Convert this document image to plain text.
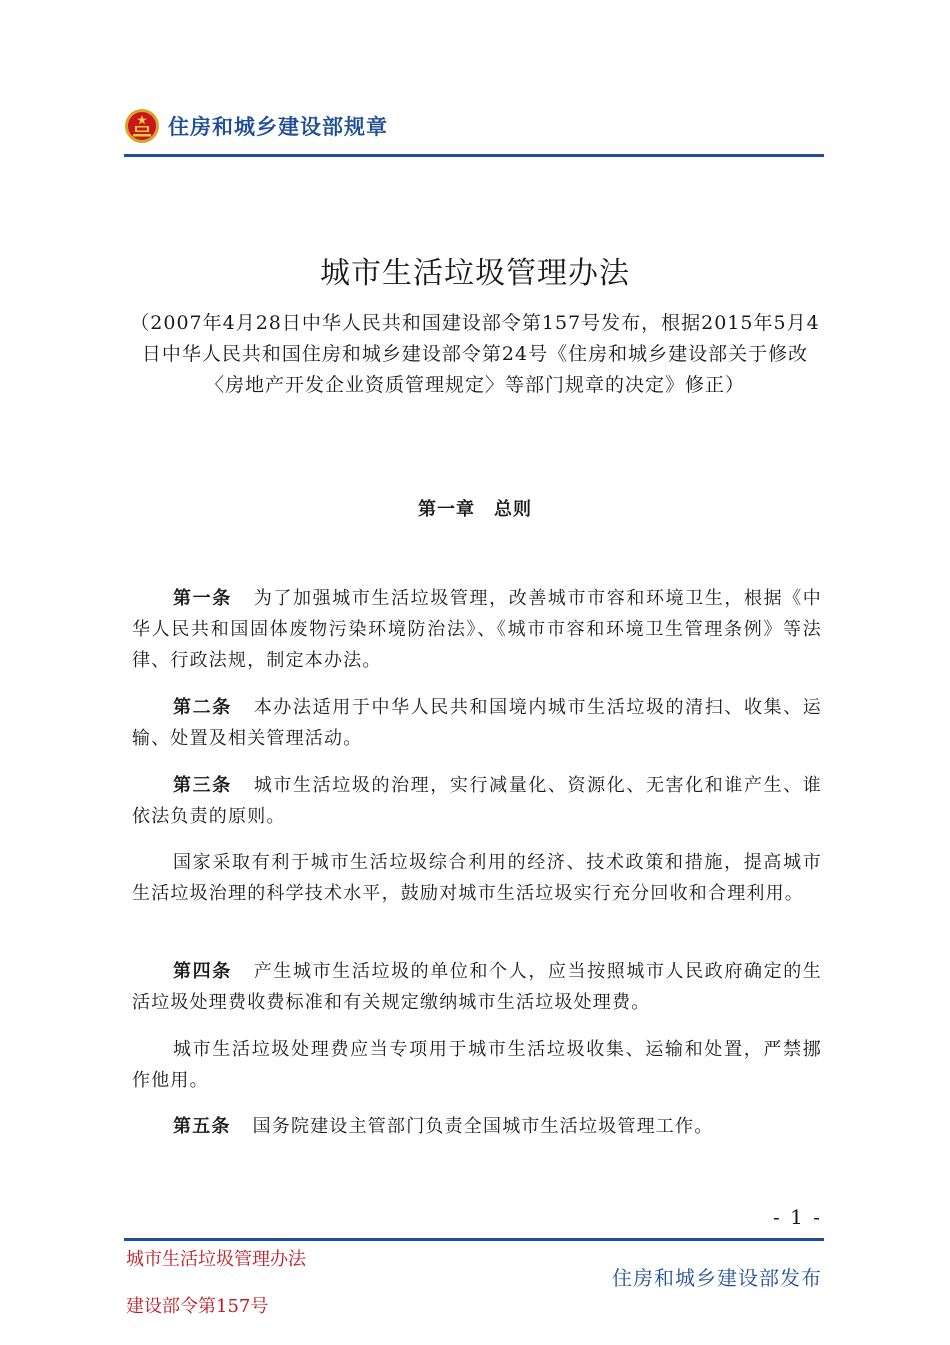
住房和城乡建设部规章
城市生活垃圾管理办法
（2007年4月28日中华人民共和国建设部令第157号发布，根据2015年5月4日中华人民共和国住房和城乡建设部令第24号《住房和城乡建设部关于修改〈房地产开发企业资质管理规定〉等部门规章的决定》修正）
第一章　总则
第一条 为了加强城市生活垃圾管理，改善城市市容和环境卫生，根据《中华人民共和国固体废物污染环境防治法》、《城市市容和环境卫生管理条例》等法律、行政法规，制定本办法。
第二条 本办法适用于中华人民共和国境内城市生活垃圾的清扫、收集、运输、处置及相关管理活动。
第三条 城市生活垃圾的治理，实行减量化、资源化、无害化和谁产生、谁依法负责的原则。
国家采取有利于城市生活垃圾综合利用的经济、技术政策和措施，提高城市生活垃圾治理的科学技术水平，鼓励对城市生活垃圾实行充分回收和合理利用。
第四条 产生城市生活垃圾的单位和个人，应当按照城市人民政府确定的生活垃圾处理费收费标准和有关规定缴纳城市生活垃圾处理费。
城市生活垃圾处理费应当专项用于城市生活垃圾收集、运输和处置，严禁挪作他用。
第五条 国务院建设主管部门负责全国城市生活垃圾管理工作。
- 1 -
城市生活垃圾管理办法
建设部令第157号
住房和城乡建设部发布
